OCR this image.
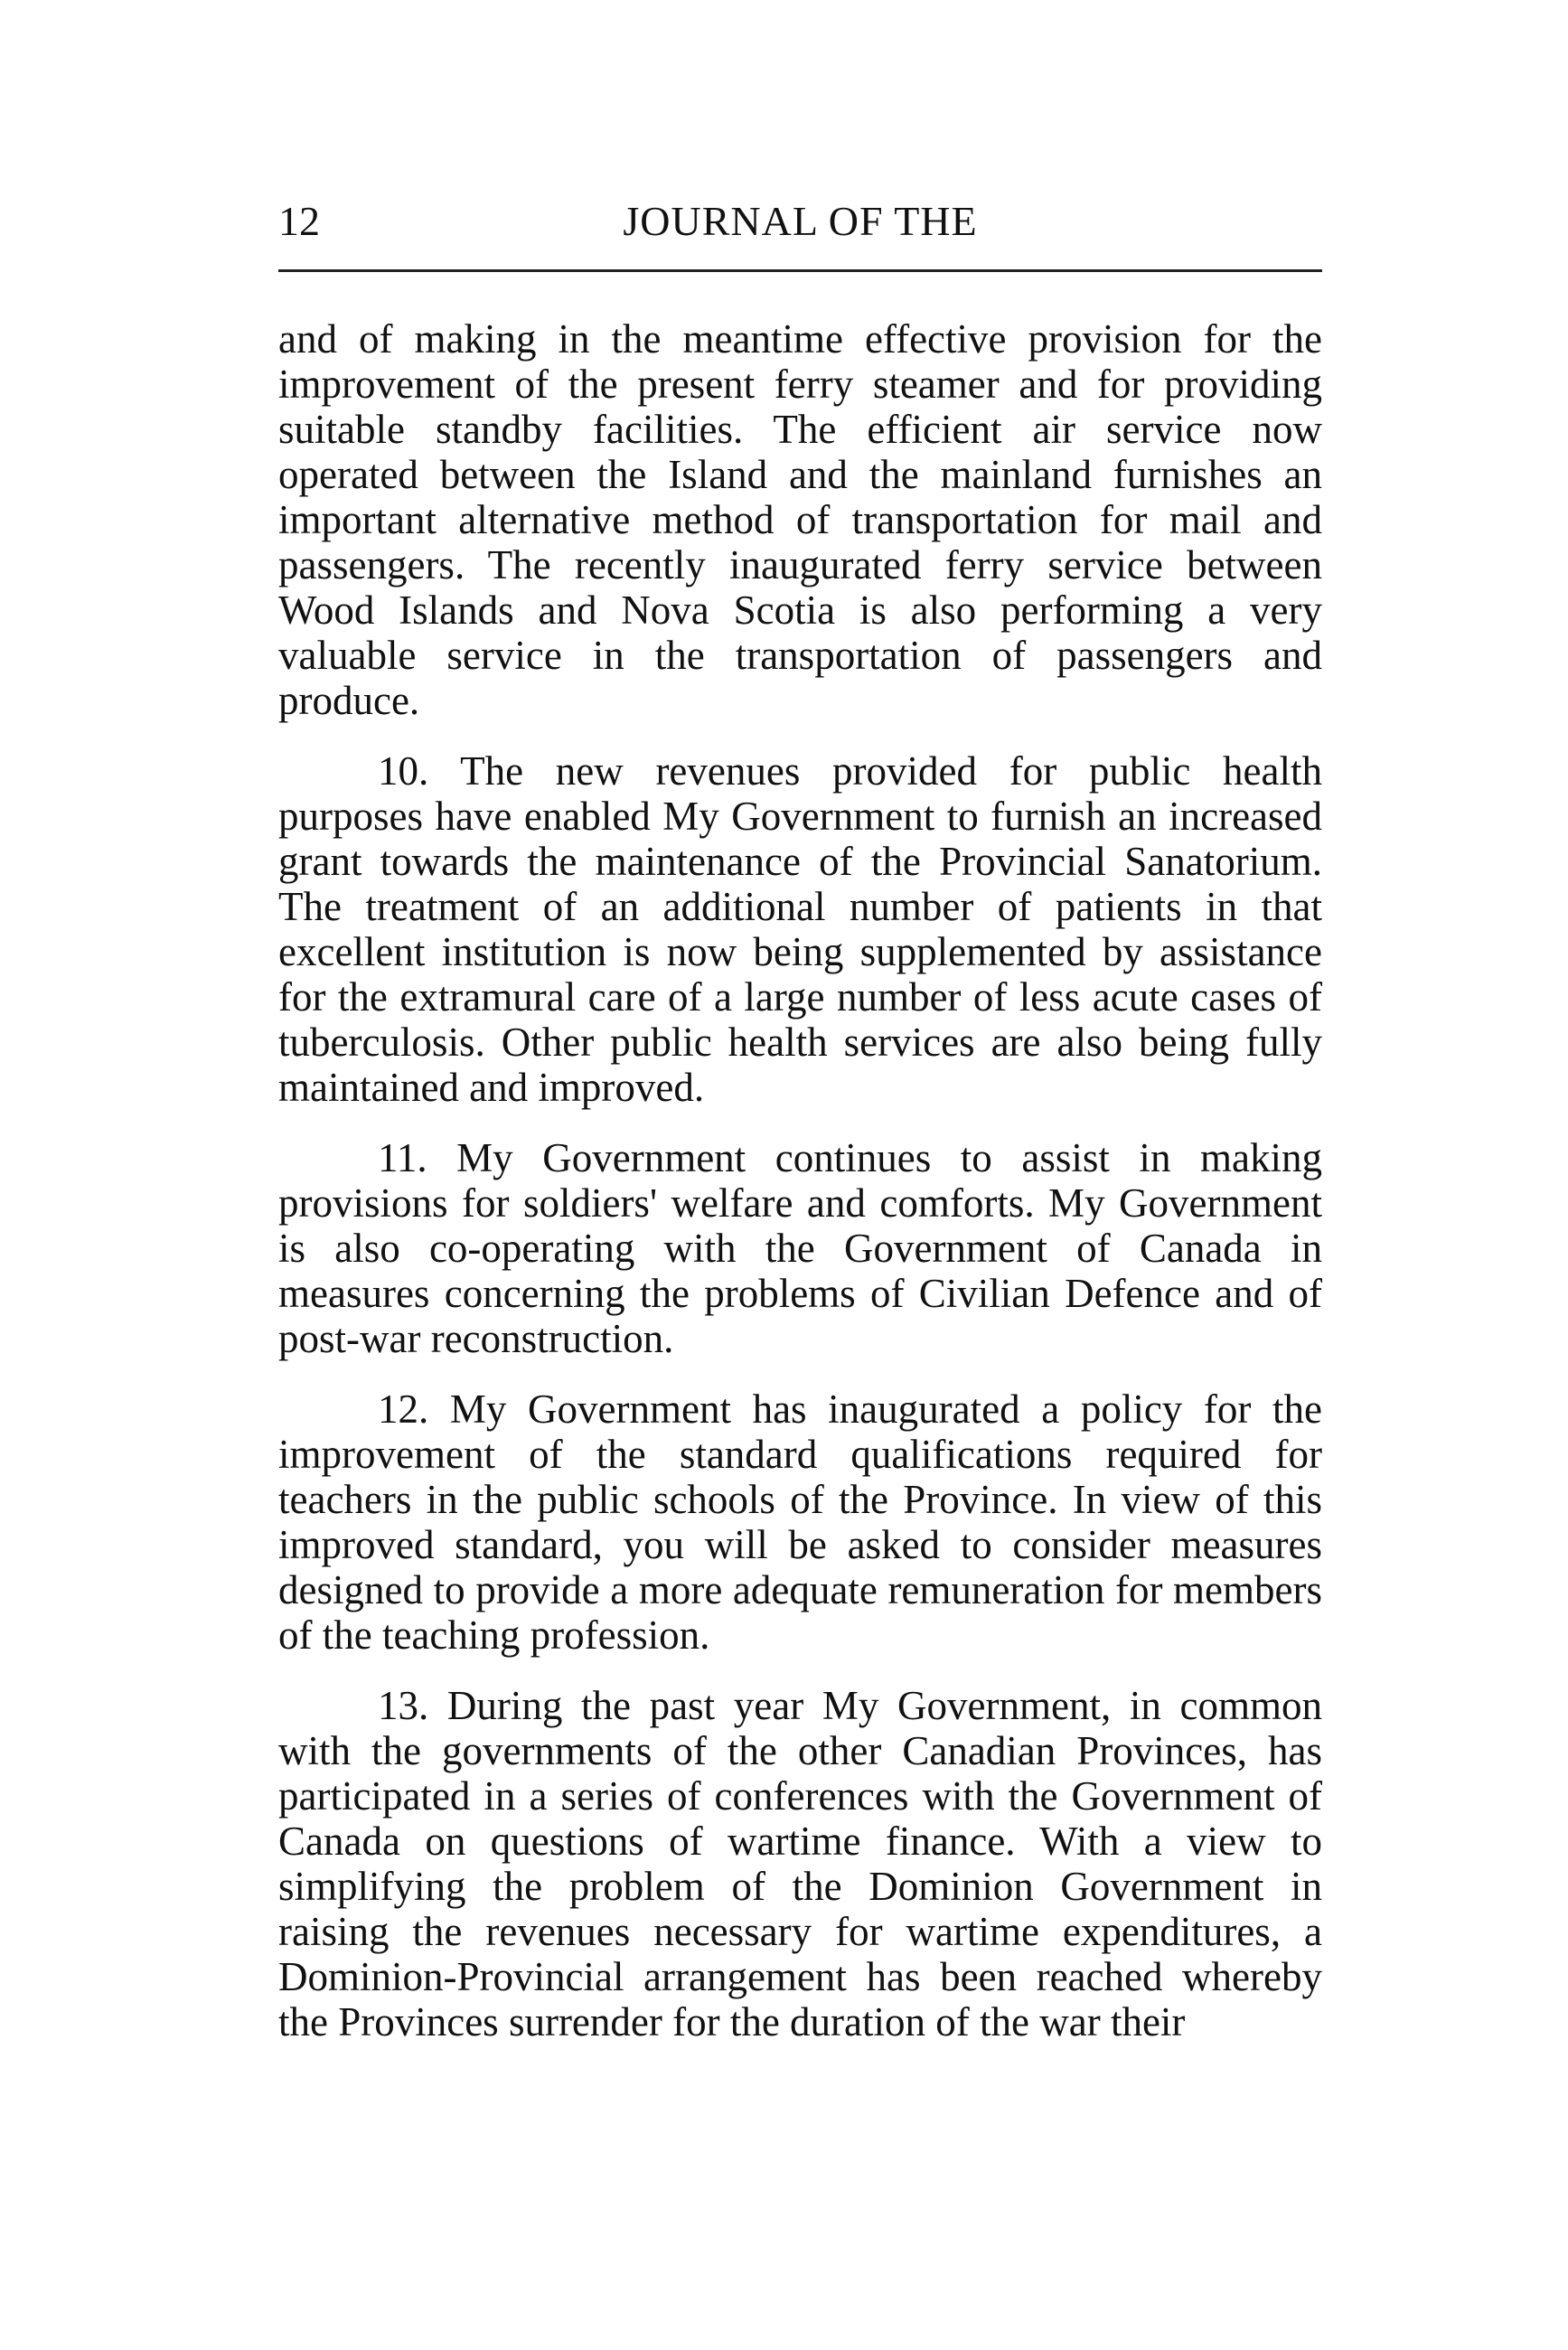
12	JOURNAL OF THE

and of making in the meantime effective provision for the improvement of the present ferry steamer and for providing suitable standby facilities. The efficient air service now operated between the Island and the mainland furnishes an important alternative method of transportation for mail and passengers. The recently inaugurated ferry service between Wood Islands and Nova Scotia is also performing a very valuable service in the transportation of passengers and produce.

10. The new revenues provided for public health purposes have enabled My Government to furnish an increased grant towards the maintenance of the Provincial Sanatorium. The treatment of an additional number of patients in that excellent institution is now being supplemented by assistance for the extramural care of a large number of less acute cases of tuberculosis. Other public health services are also being fully maintained and improved.

11. My Government continues to assist in making provisions for soldiers' welfare and comforts. My Government is also co-operating with the Government of Canada in measures concerning the problems of Civilian Defence and of post-war reconstruction.

12. My Government has inaugurated a policy for the improvement of the standard qualifications required for teachers in the public schools of the Province. In view of this improved standard, you will be asked to consider measures designed to provide a more adequate remuneration for members of the teaching profession.

13. During the past year My Government, in common with the governments of the other Canadian Provinces, has participated in a series of conferences with the Government of Canada on questions of wartime finance. With a view to simplifying the problem of the Dominion Government in raising the revenues necessary for wartime expenditures, a Dominion-Provincial arrangement has been reached whereby the Provinces surrender for the duration of the war their
